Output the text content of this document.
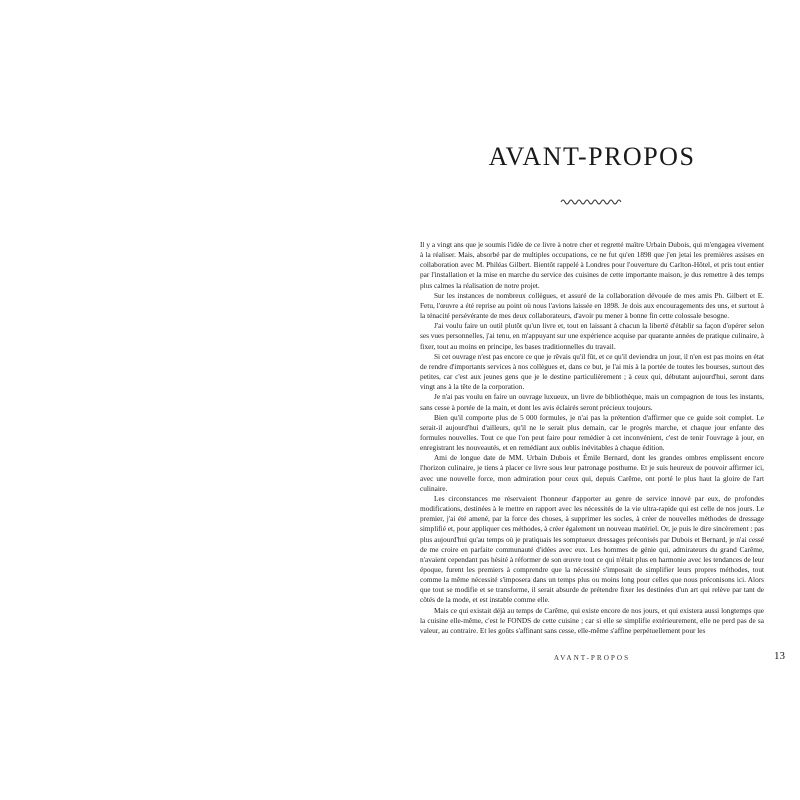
AVANT-PROPOS

Il y a vingt ans que je soumis l'idée de ce livre à notre cher et regretté maître Urbain Dubois, qui m'engagea vivement à la réaliser. Mais, absorbé par de multiples occupations, ce ne fut qu'en 1898 que j'en jetai les premières assises en collaboration avec M. Philéas Gilbert. Bientôt rappelé à Londres pour l'ouverture du Carlton-Hôtel, et pris tout entier par l'installation et la mise en marche du service des cuisines de cette importante maison, je dus remettre à des temps plus calmes la réalisation de notre projet.

Sur les instances de nombreux collègues, et assuré de la collaboration dévouée de mes amis Ph. Gilbert et E. Fetu, l'œuvre a été reprise au point où nous l'avions laissée en 1898. Je dois aux encouragements des uns, et surtout à la ténacité persévérante de mes deux collaborateurs, d'avoir pu mener à bonne fin cette colossale besogne.

J'ai voulu faire un outil plutôt qu'un livre et, tout en laissant à chacun la liberté d'établir sa façon d'opérer selon ses vues personnelles, j'ai tenu, en m'appuyant sur une expérience acquise par quarante années de pratique culinaire, à fixer, tout au moins en principe, les bases traditionnelles du travail.

Si cet ouvrage n'est pas encore ce que je rêvais qu'il fût, et ce qu'il deviendra un jour, il n'en est pas moins en état de rendre d'importants services à nos collègues et, dans ce but, je l'ai mis à la portée de toutes les bourses, surtout des petites, car c'est aux jeunes gens que je le destine particulièrement ; à ceux qui, débutant aujourd'hui, seront dans vingt ans à la tête de la corporation.

Je n'ai pas voulu en faire un ouvrage luxueux, un livre de bibliothèque, mais un compagnon de tous les instants, sans cesse à portée de la main, et dont les avis éclairés seront précieux toujours.

Bien qu'il comporte plus de 5 000 formules, je n'ai pas la prétention d'affirmer que ce guide soit complet. Le serait-il aujourd'hui d'ailleurs, qu'il ne le serait plus demain, car le progrès marche, et chaque jour enfante des formules nouvelles. Tout ce que l'on peut faire pour remédier à cet inconvénient, c'est de tenir l'ouvrage à jour, en enregistrant les nouveautés, et en remédiant aux oublis inévitables à chaque édition.

Ami de longue date de MM. Urbain Dubois et Émile Bernard, dont les grandes ombres emplissent encore l'horizon culinaire, je tiens à placer ce livre sous leur patronage posthume. Et je suis heureux de pouvoir affirmer ici, avec une nouvelle force, mon admiration pour ceux qui, depuis Carême, ont porté le plus haut la gloire de l'art culinaire.

Les circonstances me réservaient l'honneur d'apporter au genre de service innové par eux, de profondes modifications, destinées à le mettre en rapport avec les nécessités de la vie ultra-rapide qui est celle de nos jours. Le premier, j'ai été amené, par la force des choses, à supprimer les socles, à créer de nouvelles méthodes de dressage simplifié et, pour appliquer ces méthodes, à créer également un nouveau matériel. Or, je puis le dire sincèrement : pas plus aujourd'hui qu'au temps où je pratiquais les somptueux dressages préconisés par Dubois et Bernard, je n'ai cessé de me croire en parfaite communauté d'idées avec eux. Les hommes de génie qui, admirateurs du grand Carême, n'avaient cependant pas hésité à réformer de son œuvre tout ce qui n'était plus en harmonie avec les tendances de leur époque, furent les premiers à comprendre que la nécessité s'imposait de simplifier leurs propres méthodes, tout comme la même nécessité s'imposera dans un temps plus ou moins long pour celles que nous préconisons ici. Alors que tout se modifie et se transforme, il serait absurde de prétendre fixer les destinées d'un art qui relève par tant de côtés de la mode, et est instable comme elle.

Mais ce qui existait déjà au temps de Carême, qui existe encore de nos jours, et qui existera aussi longtemps que la cuisine elle-même, c'est le FONDS de cette cuisine ; car si elle se simplifie extérieurement, elle ne perd pas de sa valeur, au contraire. Et les goûts s'affinant sans cesse, elle-même s'affine perpétuellement pour les

AVANT-PROPOS	13
